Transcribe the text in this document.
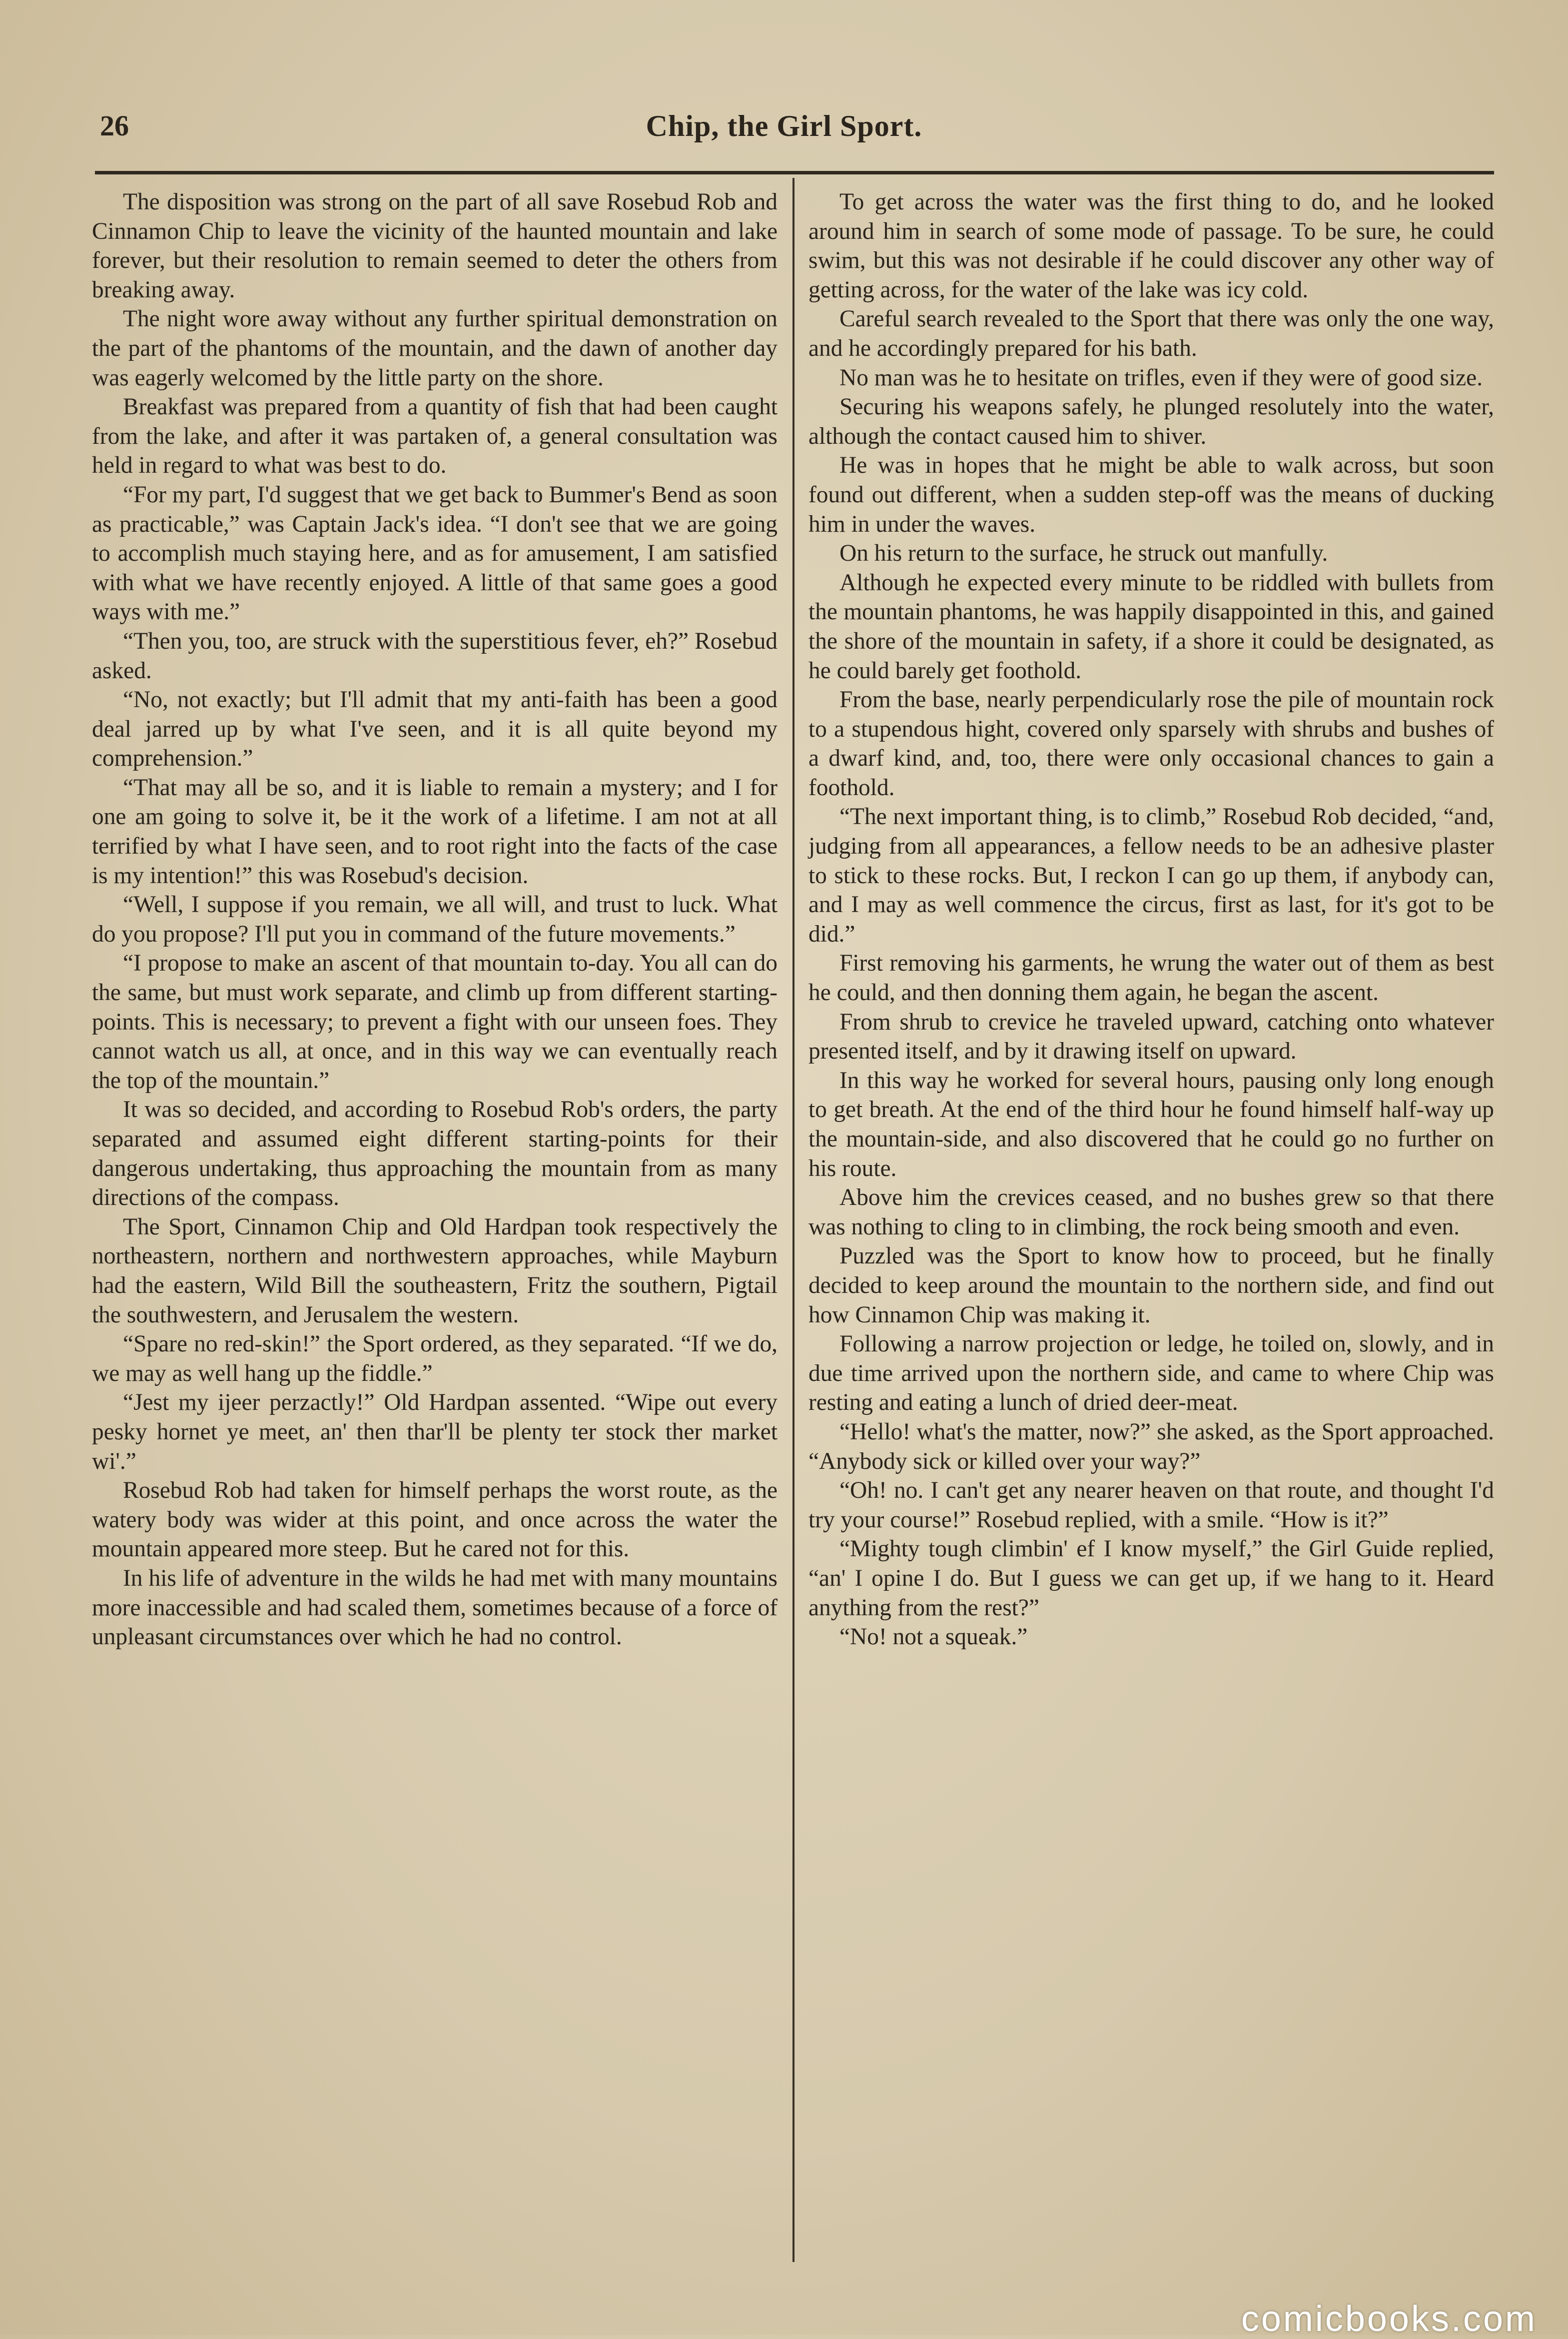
26	Chip, the Girl Sport.

The disposition was strong on the part of all save Rosebud Rob and Cinnamon Chip to leave the vicinity of the haunted mountain and lake forever, but their resolution to remain seemed to deter the others from breaking away.

The night wore away without any further spiritual demonstration on the part of the phantoms of the mountain, and the dawn of another day was eagerly welcomed by the little party on the shore.

Breakfast was prepared from a quantity of fish that had been caught from the lake, and after it was partaken of, a general consultation was held in regard to what was best to do.

“For my part, I'd suggest that we get back to Bummer's Bend as soon as practicable,” was Captain Jack's idea. “I don't see that we are going to accomplish much staying here, and as for amusement, I am satisfied with what we have recently enjoyed. A little of that same goes a good ways with me.”

“Then you, too, are struck with the superstitious fever, eh?” Rosebud asked.

“No, not exactly; but I'll admit that my anti-faith has been a good deal jarred up by what I've seen, and it is all quite beyond my comprehension.”

“That may all be so, and it is liable to remain a mystery; and I for one am going to solve it, be it the work of a lifetime. I am not at all terrified by what I have seen, and to root right into the facts of the case is my intention!” this was Rosebud's decision.

“Well, I suppose if you remain, we all will, and trust to luck. What do you propose? I'll put you in command of the future movements.”

“I propose to make an ascent of that mountain to-day. You all can do the same, but must work separate, and climb up from different starting-points. This is necessary; to prevent a fight with our unseen foes. They cannot watch us all, at once, and in this way we can eventually reach the top of the mountain.”

It was so decided, and according to Rosebud Rob's orders, the party separated and assumed eight different starting-points for their dangerous undertaking, thus approaching the mountain from as many directions of the compass.

The Sport, Cinnamon Chip and Old Hardpan took respectively the northeastern, northern and northwestern approaches, while Mayburn had the eastern, Wild Bill the southeastern, Fritz the southern, Pigtail the southwestern, and Jerusalem the western.

“Spare no red-skin!” the Sport ordered, as they separated. “If we do, we may as well hang up the fiddle.”

“Jest my ijeer perzactly!” Old Hardpan assented. “Wipe out every pesky hornet ye meet, an' then thar'll be plenty ter stock ther market wi'.”

Rosebud Rob had taken for himself perhaps the worst route, as the watery body was wider at this point, and once across the water the mountain appeared more steep. But he cared not for this.

In his life of adventure in the wilds he had met with many mountains more inaccessible and had scaled them, sometimes because of a force of unpleasant circumstances over which he had no control.

To get across the water was the first thing to do, and he looked around him in search of some mode of passage. To be sure, he could swim, but this was not desirable if he could discover any other way of getting across, for the water of the lake was icy cold.

Careful search revealed to the Sport that there was only the one way, and he accordingly prepared for his bath.

No man was he to hesitate on trifles, even if they were of good size.

Securing his weapons safely, he plunged resolutely into the water, although the contact caused him to shiver.

He was in hopes that he might be able to walk across, but soon found out different, when a sudden step-off was the means of ducking him in under the waves.

On his return to the surface, he struck out manfully.

Although he expected every minute to be riddled with bullets from the mountain phantoms, he was happily disappointed in this, and gained the shore of the mountain in safety, if a shore it could be designated, as he could barely get foothold.

From the base, nearly perpendicularly rose the pile of mountain rock to a stupendous hight, covered only sparsely with shrubs and bushes of a dwarf kind, and, too, there were only occasional chances to gain a foothold.

“The next important thing, is to climb,” Rosebud Rob decided, “and, judging from all appearances, a fellow needs to be an adhesive plaster to stick to these rocks. But, I reckon I can go up them, if anybody can, and I may as well commence the circus, first as last, for it's got to be did.”

First removing his garments, he wrung the water out of them as best he could, and then donning them again, he began the ascent.

From shrub to crevice he traveled upward, catching onto whatever presented itself, and by it drawing itself on upward.

In this way he worked for several hours, pausing only long enough to get breath. At the end of the third hour he found himself half-way up the mountain-side, and also discovered that he could go no further on his route.

Above him the crevices ceased, and no bushes grew so that there was nothing to cling to in climbing, the rock being smooth and even.

Puzzled was the Sport to know how to proceed, but he finally decided to keep around the mountain to the northern side, and find out how Cinnamon Chip was making it.

Following a narrow projection or ledge, he toiled on, slowly, and in due time arrived upon the northern side, and came to where Chip was resting and eating a lunch of dried deer-meat.

“Hello! what's the matter, now?” she asked, as the Sport approached. “Anybody sick or killed over your way?”

“Oh! no. I can't get any nearer heaven on that route, and thought I'd try your course!” Rosebud replied, with a smile. “How is it?”

“Mighty tough climbin' ef I know myself,” the Girl Guide replied, “an' I opine I do. But I guess we can get up, if we hang to it. Heard anything from the rest?”

“No! not a squeak.”

comicbooks.com
